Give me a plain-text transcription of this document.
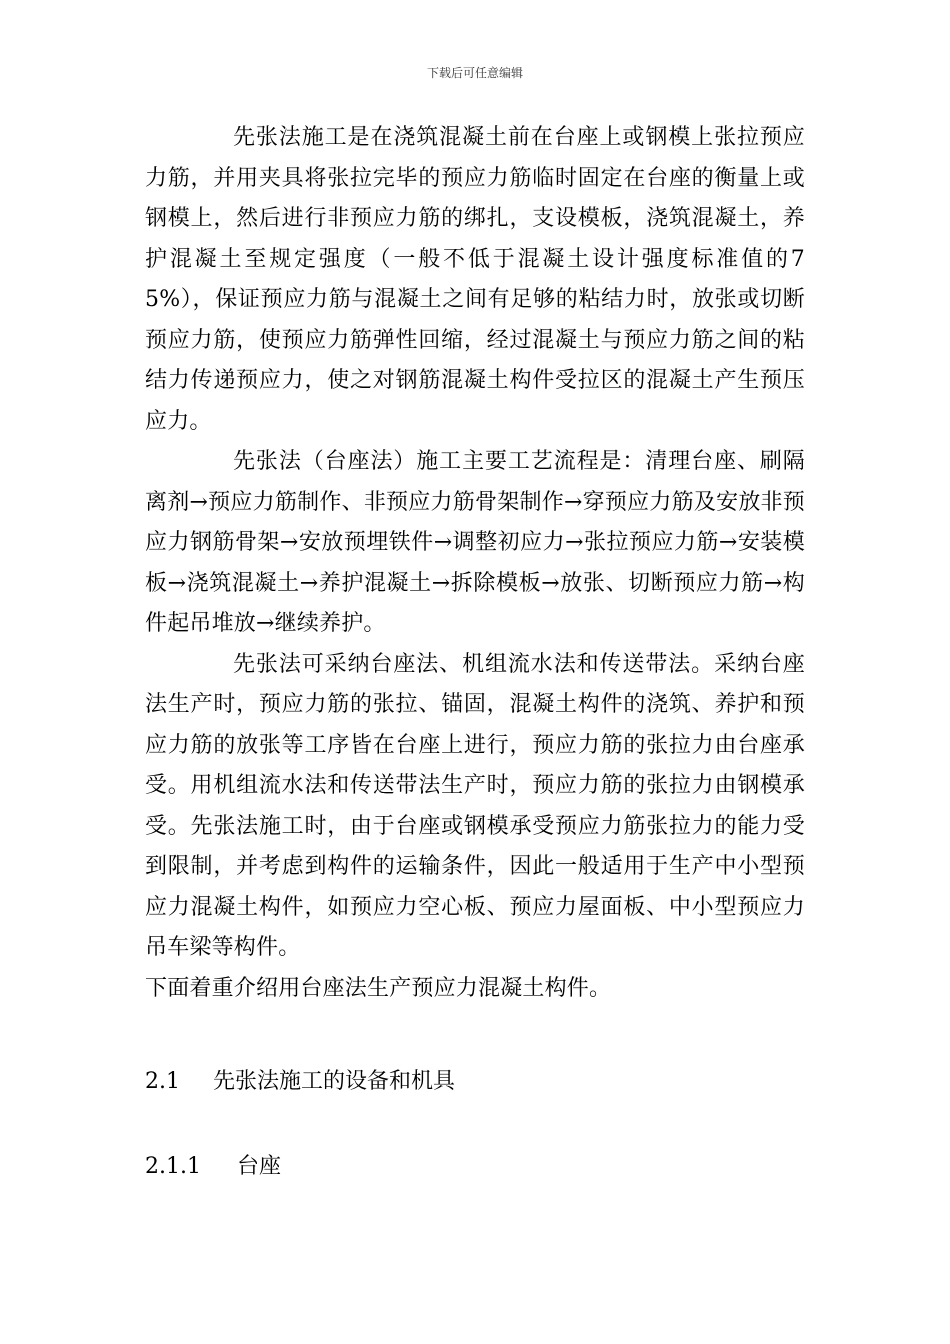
下载后可任意编辑

先张法施工是在浇筑混凝土前在台座上或钢模上张拉预应力筋，并用夹具将张拉完毕的预应力筋临时固定在台座的衡量上或钢模上，然后进行非预应力筋的绑扎，支设模板，浇筑混凝土，养护混凝土至规定强度（一般不低于混凝土设计强度标准值的75%），保证预应力筋与混凝土之间有足够的粘结力时，放张或切断预应力筋，使预应力筋弹性回缩，经过混凝土与预应力筋之间的粘结力传递预应力，使之对钢筋混凝土构件受拉区的混凝土产生预压应力。

先张法（台座法）施工主要工艺流程是：清理台座、刷隔离剂→预应力筋制作、非预应力筋骨架制作→穿预应力筋及安放非预应力钢筋骨架→安放预埋铁件→调整初应力→张拉预应力筋→安装模板→浇筑混凝土→养护混凝土→拆除模板→放张、切断预应力筋→构件起吊堆放→继续养护。

先张法可采纳台座法、机组流水法和传送带法。采纳台座法生产时，预应力筋的张拉、锚固，混凝土构件的浇筑、养护和预应力筋的放张等工序皆在台座上进行，预应力筋的张拉力由台座承受。用机组流水法和传送带法生产时，预应力筋的张拉力由钢模承受。先张法施工时，由于台座或钢模承受预应力筋张拉力的能力受到限制，并考虑到构件的运输条件，因此一般适用于生产中小型预应力混凝土构件，如预应力空心板、预应力屋面板、中小型预应力吊车梁等构件。

下面着重介绍用台座法生产预应力混凝土构件。

2.1 先张法施工的设备和机具
2.1.1 台座
